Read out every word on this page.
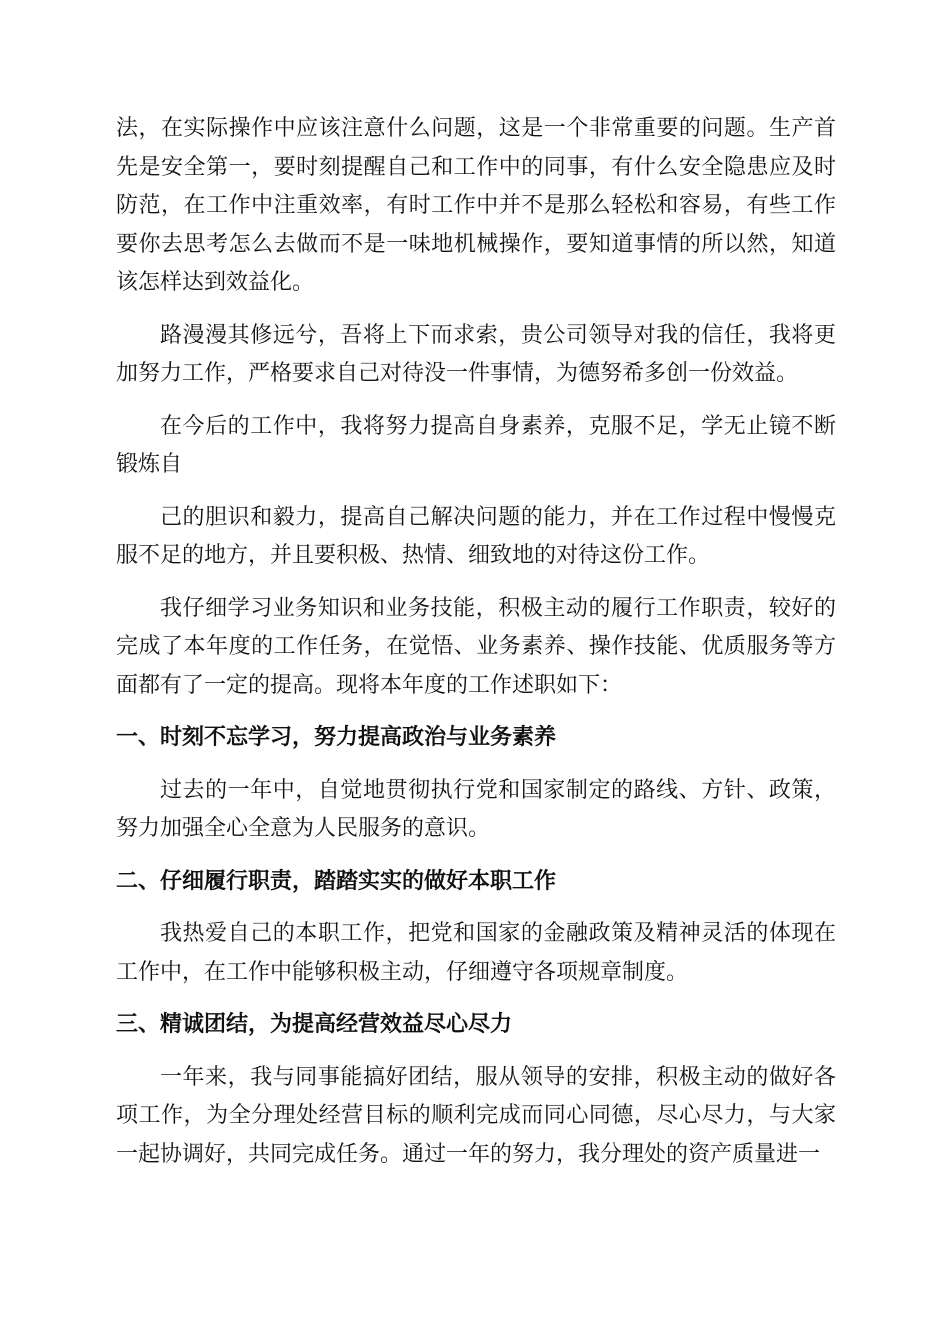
法，在实际操作中应该注意什么问题，这是一个非常重要的问题。生产首先是安全第一，要时刻提醒自己和工作中的同事，有什么安全隐患应及时防范，在工作中注重效率，有时工作中并不是那么轻松和容易，有些工作要你去思考怎么去做而不是一味地机械操作，要知道事情的所以然，知道该怎样达到效益化。

路漫漫其修远兮，吾将上下而求索，贵公司领导对我的信任，我将更加努力工作，严格要求自己对待没一件事情，为德努希多创一份效益。

在今后的工作中，我将努力提高自身素养，克服不足，学无止镜不断锻炼自

己的胆识和毅力，提高自己解决问题的能力，并在工作过程中慢慢克服不足的地方，并且要积极、热情、细致地的对待这份工作。

我仔细学习业务知识和业务技能，积极主动的履行工作职责，较好的完成了本年度的工作任务，在觉悟、业务素养、操作技能、优质服务等方面都有了一定的提高。现将本年度的工作述职如下：

一、时刻不忘学习，努力提高政治与业务素养

过去的一年中，自觉地贯彻执行党和国家制定的路线、方针、政策，努力加强全心全意为人民服务的意识。

二、仔细履行职责，踏踏实实的做好本职工作

我热爱自己的本职工作，把党和国家的金融政策及精神灵活的体现在工作中，在工作中能够积极主动，仔细遵守各项规章制度。

三、精诚团结，为提高经营效益尽心尽力

一年来，我与同事能搞好团结，服从领导的安排，积极主动的做好各项工作，为全分理处经营目标的顺利完成而同心同德，尽心尽力，与大家一起协调好，共同完成任务。通过一年的努力，我分理处的资产质量进一
